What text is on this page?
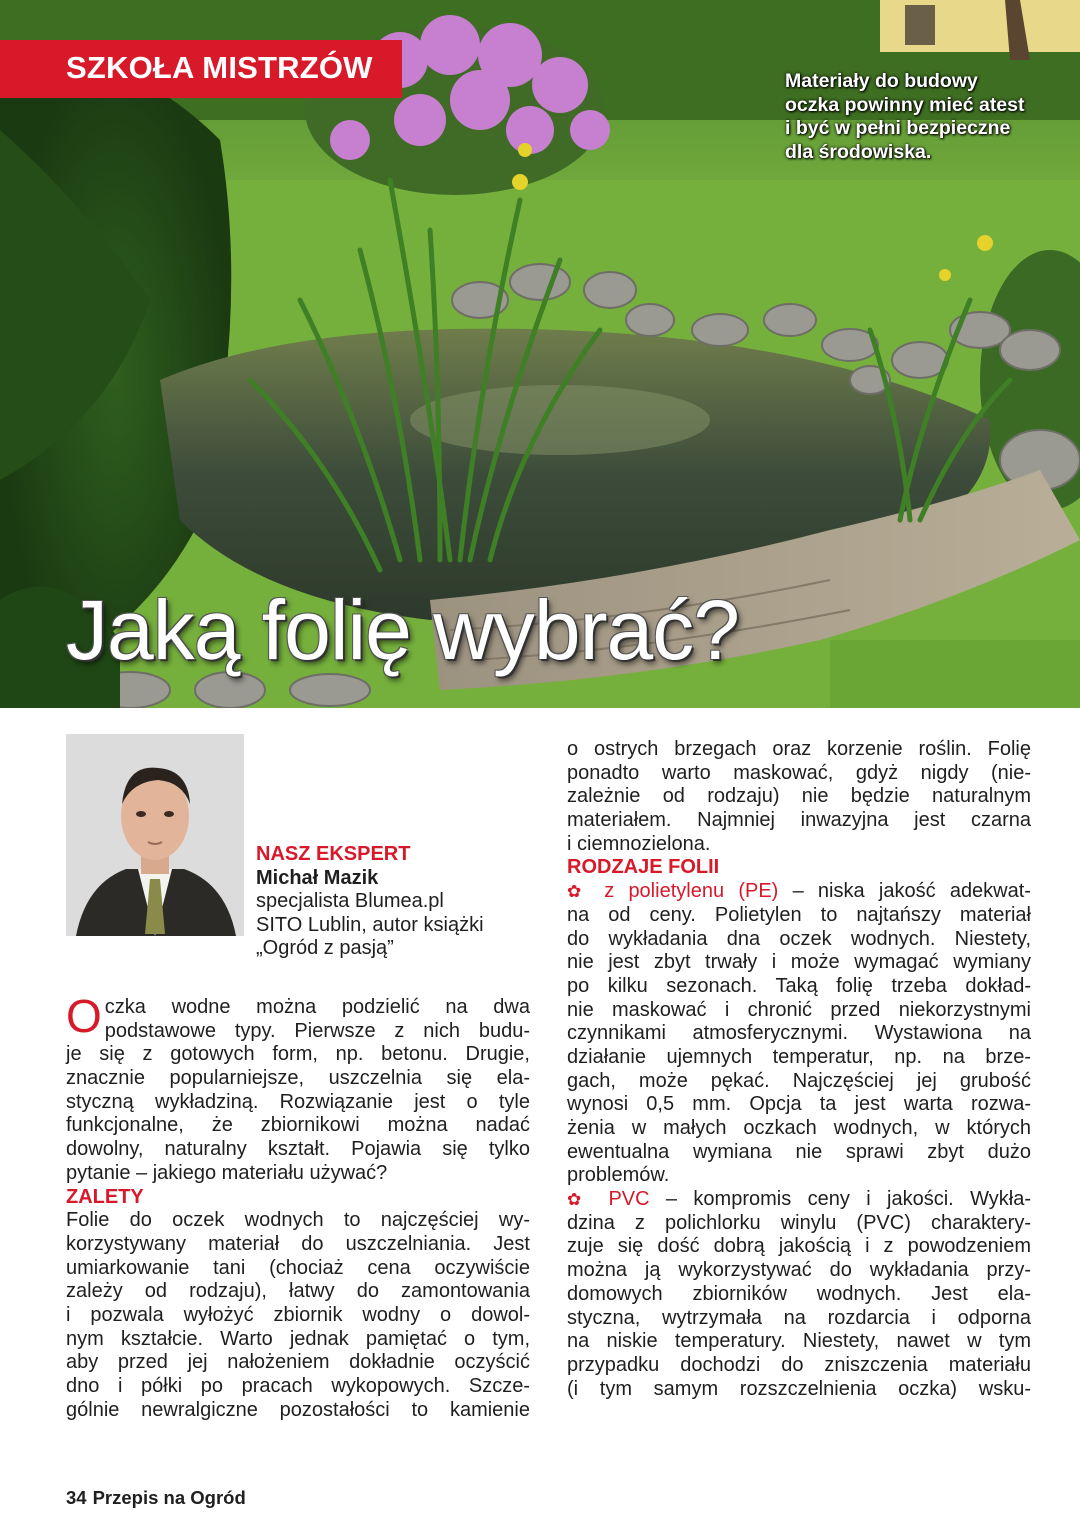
SZKOŁA MISTRZÓW	Materiały do budowy
oczka powinny mieć atest
i być w pełni bezpieczne
dla środowiska.
Jaką folię wybrać?
NASZ EKSPERT
Michał Mazik
specjalista Blumea.pl
SITO Lublin, autor książki
„Ogród z pasją”
O czka wodne można podzielić na dwa
podstawowe typy. Pierwsze z nich budu-
je się z gotowych form, np. betonu. Drugie,
znacznie popularniejsze, uszczelnia się ela-
styczną wykładziną. Rozwiązanie jest o tyle
funkcjonalne, że zbiornikowi można nadać
dowolny, naturalny kształt. Pojawia się tylko
pytanie – jakiego materiału używać?
ZALETY
Folie do oczek wodnych to najczęściej wy-
korzystywany materiał do uszczelniania. Jest
umiarkowanie tani (chociaż cena oczywiście
zależy od rodzaju), łatwy do zamontowania
i pozwala wyłożyć zbiornik wodny o dowol-
nym kształcie. Warto jednak pamiętać o tym,
aby przed jej nałożeniem dokładnie oczyścić
dno i półki po pracach wykopowych. Szcze-
gólnie newralgiczne pozostałości to kamienie
o ostrych brzegach oraz korzenie roślin. Folię
ponadto warto maskować, gdyż nigdy (nie-
zależnie od rodzaju) nie będzie naturalnym
materiałem. Najmniej inwazyjna jest czarna
i ciemnozielona.
RODZAJE FOLII
✿ z polietylenu (PE) – niska jakość adekwat-
na od ceny. Polietylen to najtańszy materiał
do wykładania dna oczek wodnych. Niestety,
nie jest zbyt trwały i może wymagać wymiany
po kilku sezonach. Taką folię trzeba dokład-
nie maskować i chronić przed niekorzystnymi
czynnikami atmosferycznymi. Wystawiona na
działanie ujemnych temperatur, np. na brze-
gach, może pękać. Najczęściej jej grubość
wynosi 0,5 mm. Opcja ta jest warta rozwa-
żenia w małych oczkach wodnych, w których
ewentualna wymiana nie sprawi zbyt dużo
problemów.
✿ PVC – kompromis ceny i jakości. Wykła-
dzina z polichlorku winylu (PVC) charaktery-
zuje się dość dobrą jakością i z powodzeniem
można ją wykorzystywać do wykładania przy-
domowych zbiorników wodnych. Jest ela-
styczna, wytrzymała na rozdarcia i odporna
na niskie temperatury. Niestety, nawet w tym
przypadku dochodzi do zniszczenia materiału
(i tym samym rozszczelnienia oczka) wsku-
34 Przepis na Ogród
